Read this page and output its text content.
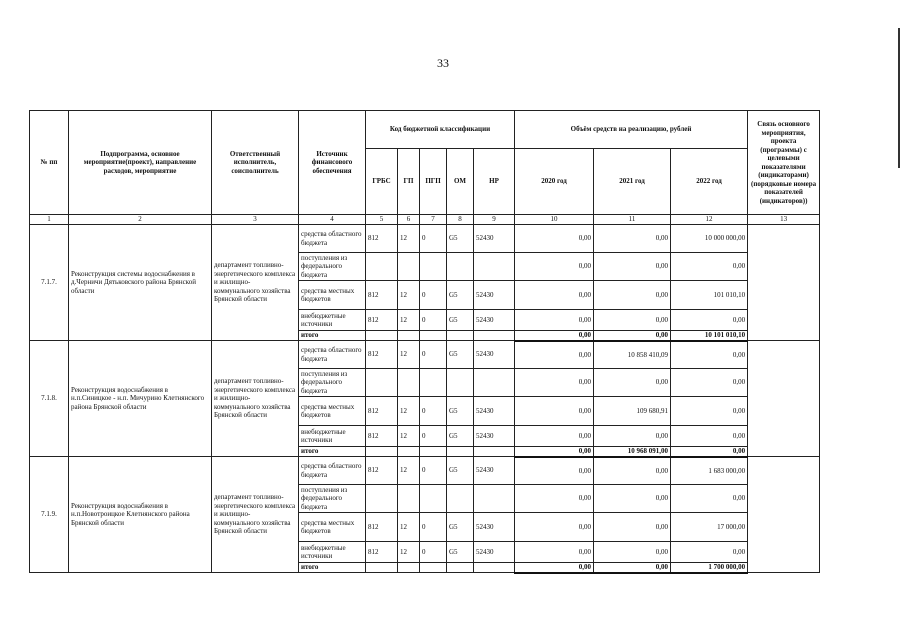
33
№ пп	Подпрограмма, основное мероприятие(проект), направление расходов, мероприятие	Ответственный исполнитель, соисполнитель	Источник финансового обеспечения	Код бюджетной классификации					Объём средств на реализацию, рублей			Связь основного мероприятия, проекта (программы) с целевыми показателями (индикаторами) (порядковые номера показателей (индикаторов))
				ГРБС	ГП	ПГП	ОМ	НР	2020 год	2021 год	2022 год	
1	2	3	4	5	6	7	8	9	10	11	12	13
7.1.7.	Реконструкция системы водоснабжения в д.Черничи Дятьковского района Брянской области	департамент топливно-энергетического комплекса и жилищно-коммунального хозяйства Брянской области	средства областного бюджета	812	12	0	G5	52430	0,00	0,00	10 000 000,00	
			поступления из федерального бюджета						0,00	0,00	0,00	
			средства местных бюджетов	812	12	0	G5	52430	0,00	0,00	101 010,10	
			внебюджетные источники	812	12	0	G5	52430	0,00	0,00	0,00	
			итого						0,00	0,00	10 101 010,10	
7.1.8.	Реконструкция водоснабжения в н.п.Синицкое - н.п. Мичурино Клетнянского района Брянской области	департамент топливно-энергетического комплекса и жилищно-коммунального хозяйства Брянской области	средства областного бюджета	812	12	0	G5	52430	0,00	10 858 410,09	0,00	
			поступления из федерального бюджета						0,00	0,00	0,00	
			средства местных бюджетов	812	12	0	G5	52430	0,00	109 680,91	0,00	
			внебюджетные источники	812	12	0	G5	52430	0,00	0,00	0,00	
			итого						0,00	10 968 091,00	0,00	
7.1.9.	Реконструкция водоснабжения в н.п.Новотроицкое Клетнянского района Брянской области	департамент топливно-энергетического комплекса и жилищно-коммунального хозяйства Брянской области	средства областного бюджета	812	12	0	G5	52430	0,00	0,00	1 683 000,00	
			поступления из федерального бюджета						0,00	0,00	0,00	
			средства местных бюджетов	812	12	0	G5	52430	0,00	0,00	17 000,00	
			внебюджетные источники	812	12	0	G5	52430	0,00	0,00	0,00	
			итого						0,00	0,00	1 700 000,00	
